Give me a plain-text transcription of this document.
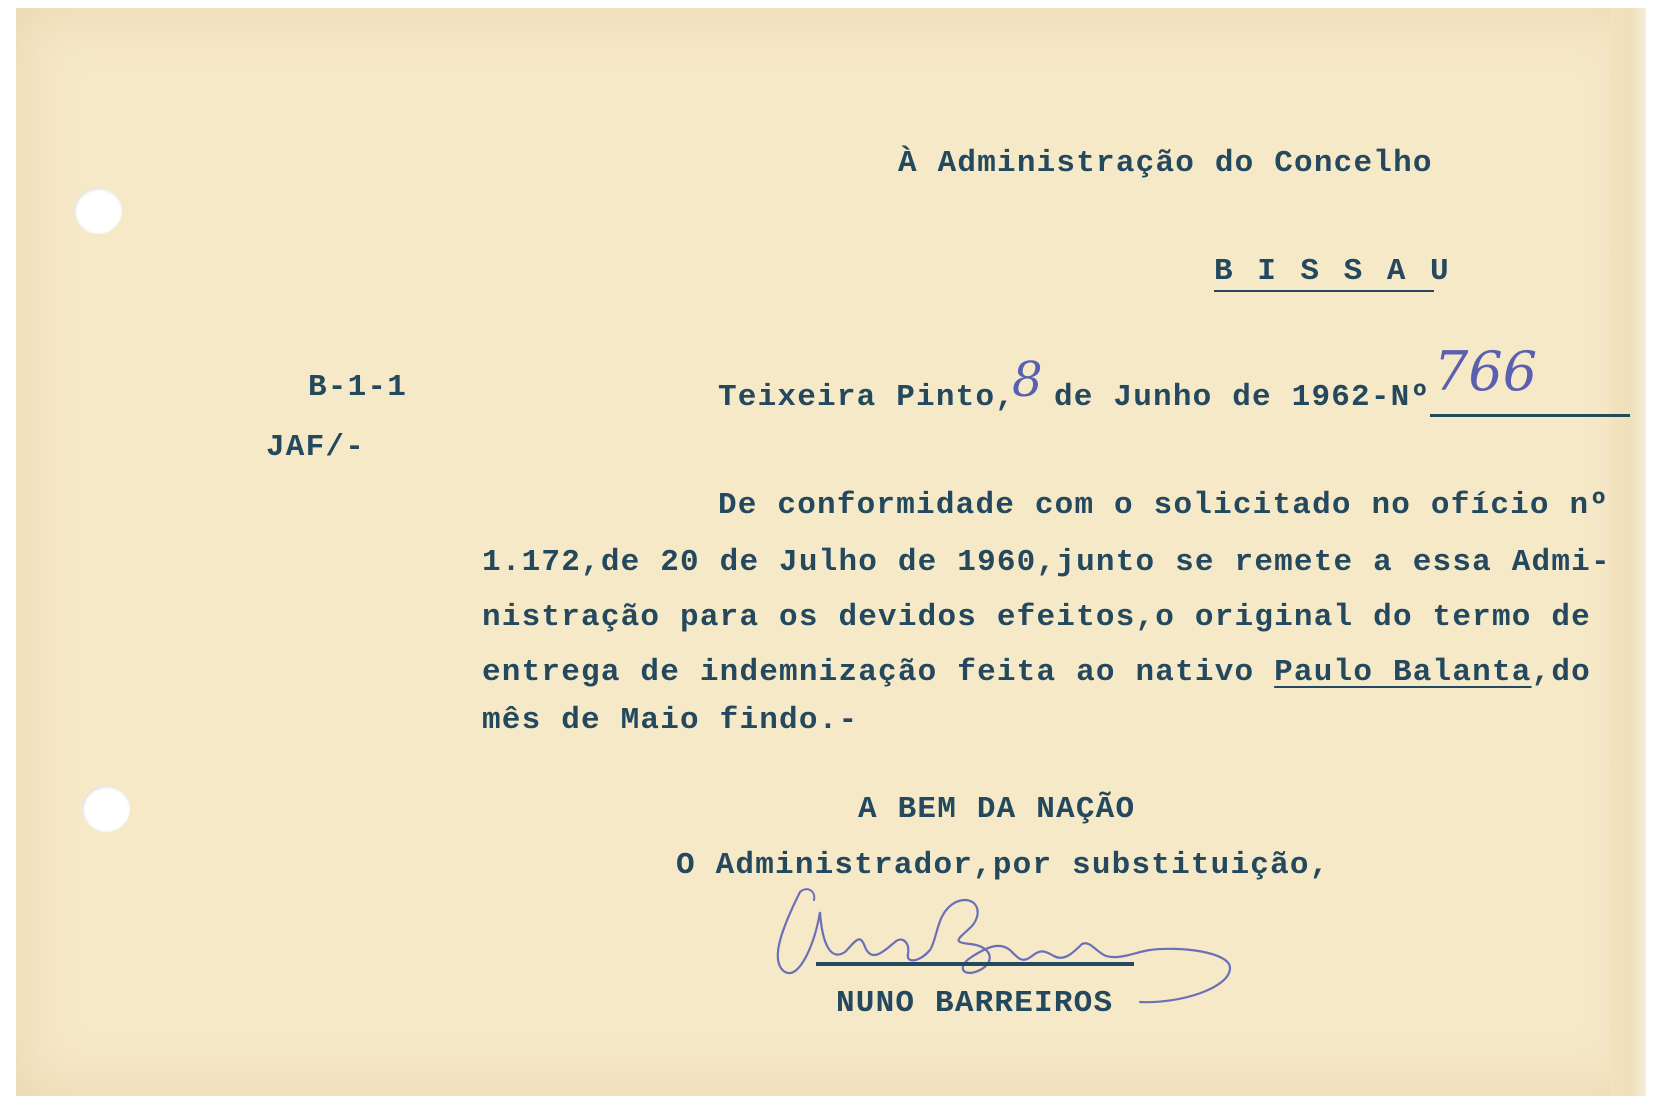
À Administração do Concelho
B I S S A U
B-1-1
JAF/-
Teixeira Pinto,
8 de Junho de 1962-Nº 766
De conformidade com o solicitado no ofício nº
1.172,de 20 de Julho de 1960,junto se remete a essa Admi-
nistração para os devidos efeitos,o original do termo de
entrega de indemnização feita ao nativo Paulo Balanta,do
mês de Maio findo.-
A BEM DA NAÇÃO
O Administrador,por substituição,
NUNO BARREIROS
